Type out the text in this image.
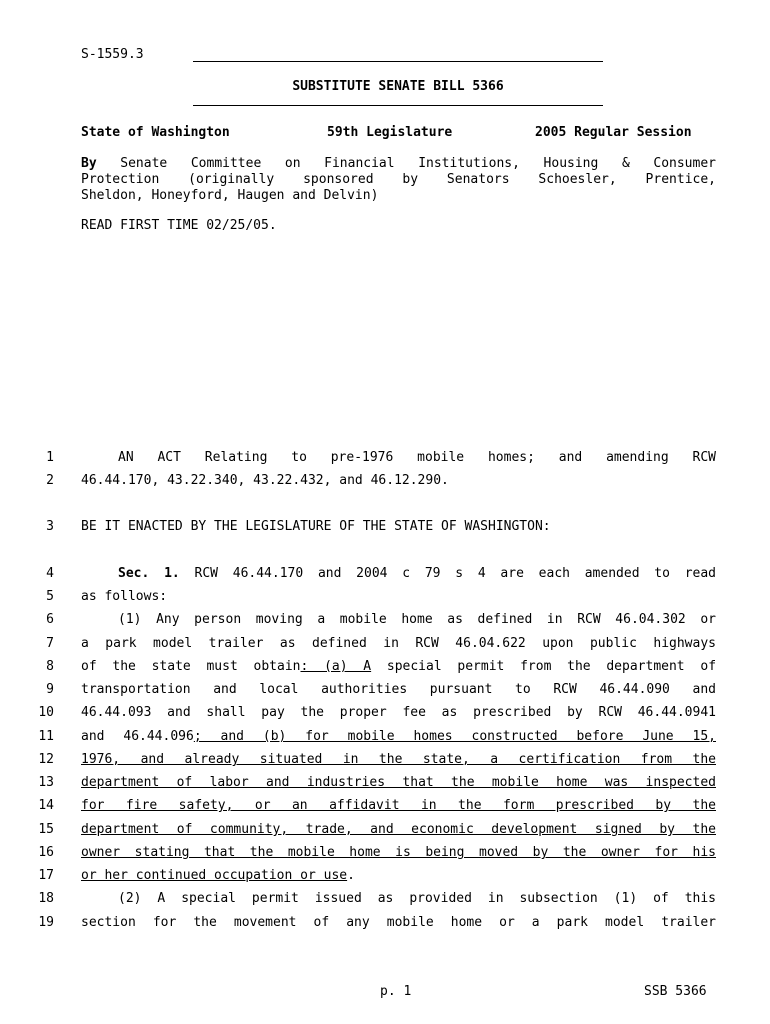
S-1559.3
SUBSTITUTE SENATE BILL 5366
State of Washington	59th Legislature	2005 Regular Session
By Senate Committee on Financial Institutions, Housing & Consumer
Protection (originally sponsored by Senators Schoesler, Prentice,
Sheldon, Honeyford, Haugen and Delvin)
READ FIRST TIME 02/25/05.
1
2
3
4
5
6
7
8
9
10
11
12
13
14
15
16
17
18
19
AN ACT Relating to pre-1976 mobile homes; and amending RCW
46.44.170, 43.22.340, 43.22.432, and 46.12.290.
BE IT ENACTED BY THE LEGISLATURE OF THE STATE OF WASHINGTON:
Sec. 1. RCW 46.44.170 and 2004 c 79 s 4 are each amended to read
as follows:
(1) Any person moving a mobile home as defined in RCW 46.04.302 or
a park model trailer as defined in RCW 46.04.622 upon public highways
of the state must obtain: (a) A special permit from the department of
transportation and local authorities pursuant to RCW 46.44.090 and
46.44.093 and shall pay the proper fee as prescribed by RCW 46.44.0941
and 46.44.096; and (b) for mobile homes constructed before June 15,
1976, and already situated in the state, a certification from the
department of labor and industries that the mobile home was inspected
for fire safety, or an affidavit in the form prescribed by the
department of community, trade, and economic development signed by the
owner stating that the mobile home is being moved by the owner for his
or her continued occupation or use.
(2) A special permit issued as provided in subsection (1) of this
section for the movement of any mobile home or a park model trailer
p. 1	SSB 5366
